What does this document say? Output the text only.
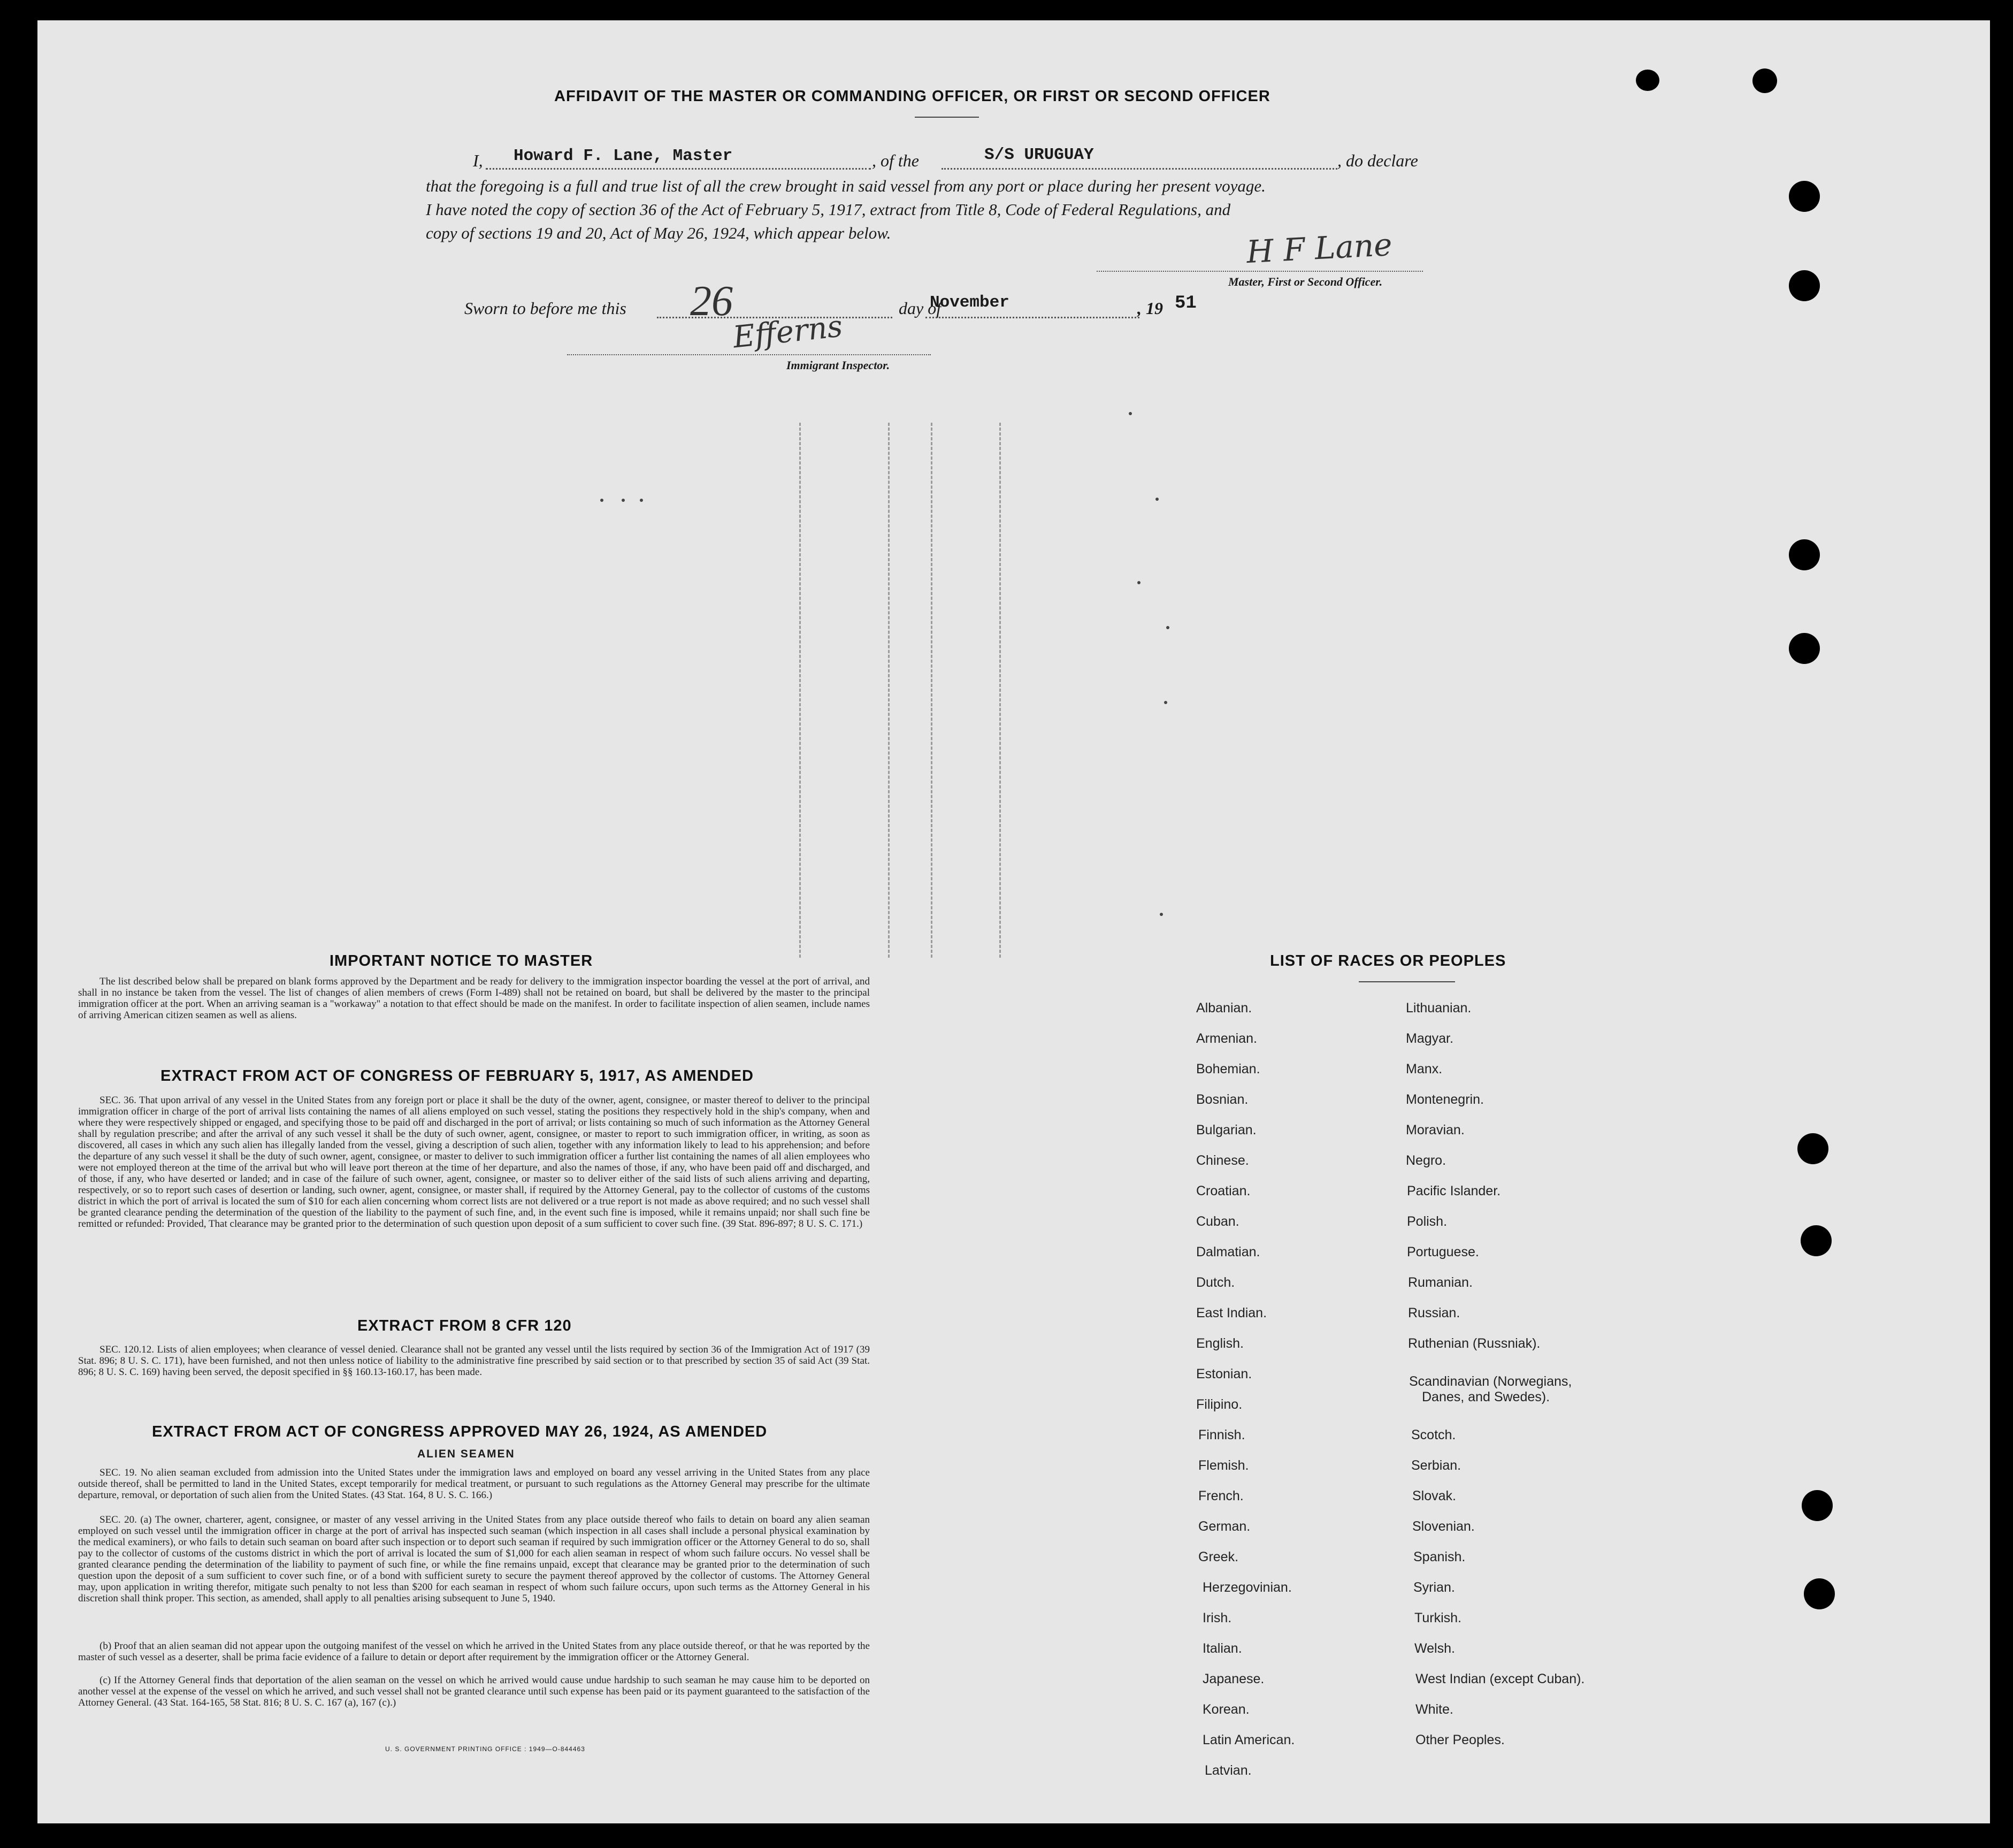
AFFIDAVIT OF THE MASTER OR COMMANDING OFFICER, OR FIRST OR SECOND OFFICER
I, Howard F. Lane, Master	, of the	S/S URUGUAY	, do declare
that the foregoing is a full and true list of all the crew brought in said vessel from any port or place during her present voyage.
I have noted the copy of section 36 of the Act of February 5, 1917, extract from Title 8, Code of Federal Regulations, and
copy of sections 19 and 20, Act of May 26, 1924, which appear below.	H F Lane
Master, First or Second Officer.
Sworn to before me this 26	day of
November	, 19 51
Efferns
Immigrant Inspector.
IMPORTANT NOTICE TO MASTER
The list described below shall be prepared on blank forms approved by the Department and be ready for delivery to the immigration inspector boarding the vessel at the port of arrival, and shall in no instance be taken from the vessel. The list of changes of alien members of crews (Form I-489) shall not be retained on board, but shall be delivered by the master to the principal immigration officer at the port. When an arriving seaman is a "workaway" a notation to that effect should be made on the manifest. In order to facilitate inspection of alien seamen, include names of arriving American citizen seamen as well as aliens.
EXTRACT FROM ACT OF CONGRESS OF FEBRUARY 5, 1917, AS AMENDED
SEC. 36. That upon arrival of any vessel in the United States from any foreign port or place it shall be the duty of the owner, agent, consignee, or master thereof to deliver to the principal immigration officer in charge of the port of arrival lists containing the names of all aliens employed on such vessel, stating the positions they respectively hold in the ship's company, when and where they were respectively shipped or engaged, and specifying those to be paid off and discharged in the port of arrival; or lists containing so much of such information as the Attorney General shall by regulation prescribe; and after the arrival of any such vessel it shall be the duty of such owner, agent, consignee, or master to report to such immigration officer, in writing, as soon as discovered, all cases in which any such alien has illegally landed from the vessel, giving a description of such alien, together with any information likely to lead to his apprehension; and before the departure of any such vessel it shall be the duty of such owner, agent, consignee, or master to deliver to such immigration officer a further list containing the names of all alien employees who were not employed thereon at the time of the arrival but who will leave port thereon at the time of her departure, and also the names of those, if any, who have been paid off and discharged, and of those, if any, who have deserted or landed; and in case of the failure of such owner, agent, consignee, or master so to deliver either of the said lists of such aliens arriving and departing, respectively, or so to report such cases of desertion or landing, such owner, agent, consignee, or master shall, if required by the Attorney General, pay to the collector of customs of the customs district in which the port of arrival is located the sum of $10 for each alien concerning whom correct lists are not delivered or a true report is not made as above required; and no such vessel shall be granted clearance pending the determination of the question of the liability to the payment of such fine, and, in the event such fine is imposed, while it remains unpaid; nor shall such fine be remitted or refunded: Provided, That clearance may be granted prior to the determination of such question upon deposit of a sum sufficient to cover such fine. (39 Stat. 896-897; 8 U. S. C. 171.)
EXTRACT FROM 8 CFR 120
SEC. 120.12. Lists of alien employees; when clearance of vessel denied. Clearance shall not be granted any vessel until the lists required by section 36 of the Immigration Act of 1917 (39 Stat. 896; 8 U. S. C. 171), have been furnished, and not then unless notice of liability to the administrative fine prescribed by said section or to that prescribed by section 35 of said Act (39 Stat. 896; 8 U. S. C. 169) having been served, the deposit specified in §§ 160.13-160.17, has been made.
EXTRACT FROM ACT OF CONGRESS APPROVED MAY 26, 1924, AS AMENDED
ALIEN SEAMEN
SEC. 19. No alien seaman excluded from admission into the United States under the immigration laws and employed on board any vessel arriving in the United States from any place outside thereof, shall be permitted to land in the United States, except temporarily for medical treatment, or pursuant to such regulations as the Attorney General may prescribe for the ultimate departure, removal, or deportation of such alien from the United States. (43 Stat. 164, 8 U. S. C. 166.)
SEC. 20. (a) The owner, charterer, agent, consignee, or master of any vessel arriving in the United States from any place outside thereof who fails to detain on board any alien seaman employed on such vessel until the immigration officer in charge at the port of arrival has inspected such seaman (which inspection in all cases shall include a personal physical examination by the medical examiners), or who fails to detain such seaman on board after such inspection or to deport such seaman if required by such immigration officer or the Attorney General to do so, shall pay to the collector of customs of the customs district in which the port of arrival is located the sum of $1,000 for each alien seaman in respect of whom such failure occurs. No vessel shall be granted clearance pending the determination of the liability to payment of such fine, or while the fine remains unpaid, except that clearance may be granted prior to the determination of such question upon the deposit of a sum sufficient to cover such fine, or of a bond with sufficient surety to secure the payment thereof approved by the collector of customs. The Attorney General may, upon application in writing therefor, mitigate such penalty to not less than $200 for each seaman in respect of whom such failure occurs, upon such terms as the Attorney General in his discretion shall think proper. This section, as amended, shall apply to all penalties arising subsequent to June 5, 1940.
(b) Proof that an alien seaman did not appear upon the outgoing manifest of the vessel on which he arrived in the United States from any place outside thereof, or that he was reported by the master of such vessel as a deserter, shall be prima facie evidence of a failure to detain or deport after requirement by the immigration officer or the Attorney General.
(c) If the Attorney General finds that deportation of the alien seaman on the vessel on which he arrived would cause undue hardship to such seaman he may cause him to be deported on another vessel at the expense of the vessel on which he arrived, and such vessel shall not be granted clearance until such expense has been paid or its payment guaranteed to the satisfaction of the Attorney General. (43 Stat. 164-165, 58 Stat. 816; 8 U. S. C. 167 (a), 167 (c).)
U. S. GOVERNMENT PRINTING OFFICE : 1949—O-844463
LIST OF RACES OR PEOPLES
Albanian.
Armenian.
Bohemian.
Bosnian.
Bulgarian.
Chinese.
Croatian.
Cuban.
Dalmatian.
Dutch.
East Indian.
English.
Estonian.
Filipino.
Finnish.
Flemish.
French.
German.
Greek.
Herzegovinian.
Irish.
Italian.
Japanese.
Korean.
Latin American.
Latvian.
Lithuanian.
Magyar.
Manx.
Montenegrin.
Moravian.
Negro.
Pacific Islander.
Polish.
Portuguese.
Rumanian.
Russian.
Ruthenian (Russniak).
Scandinavian (Norwegians,
Danes, and Swedes).
Scotch.
Serbian.
Slovak.
Slovenian.
Spanish.
Syrian.
Turkish.
Welsh.
West Indian (except Cuban).
White.
Other Peoples.
